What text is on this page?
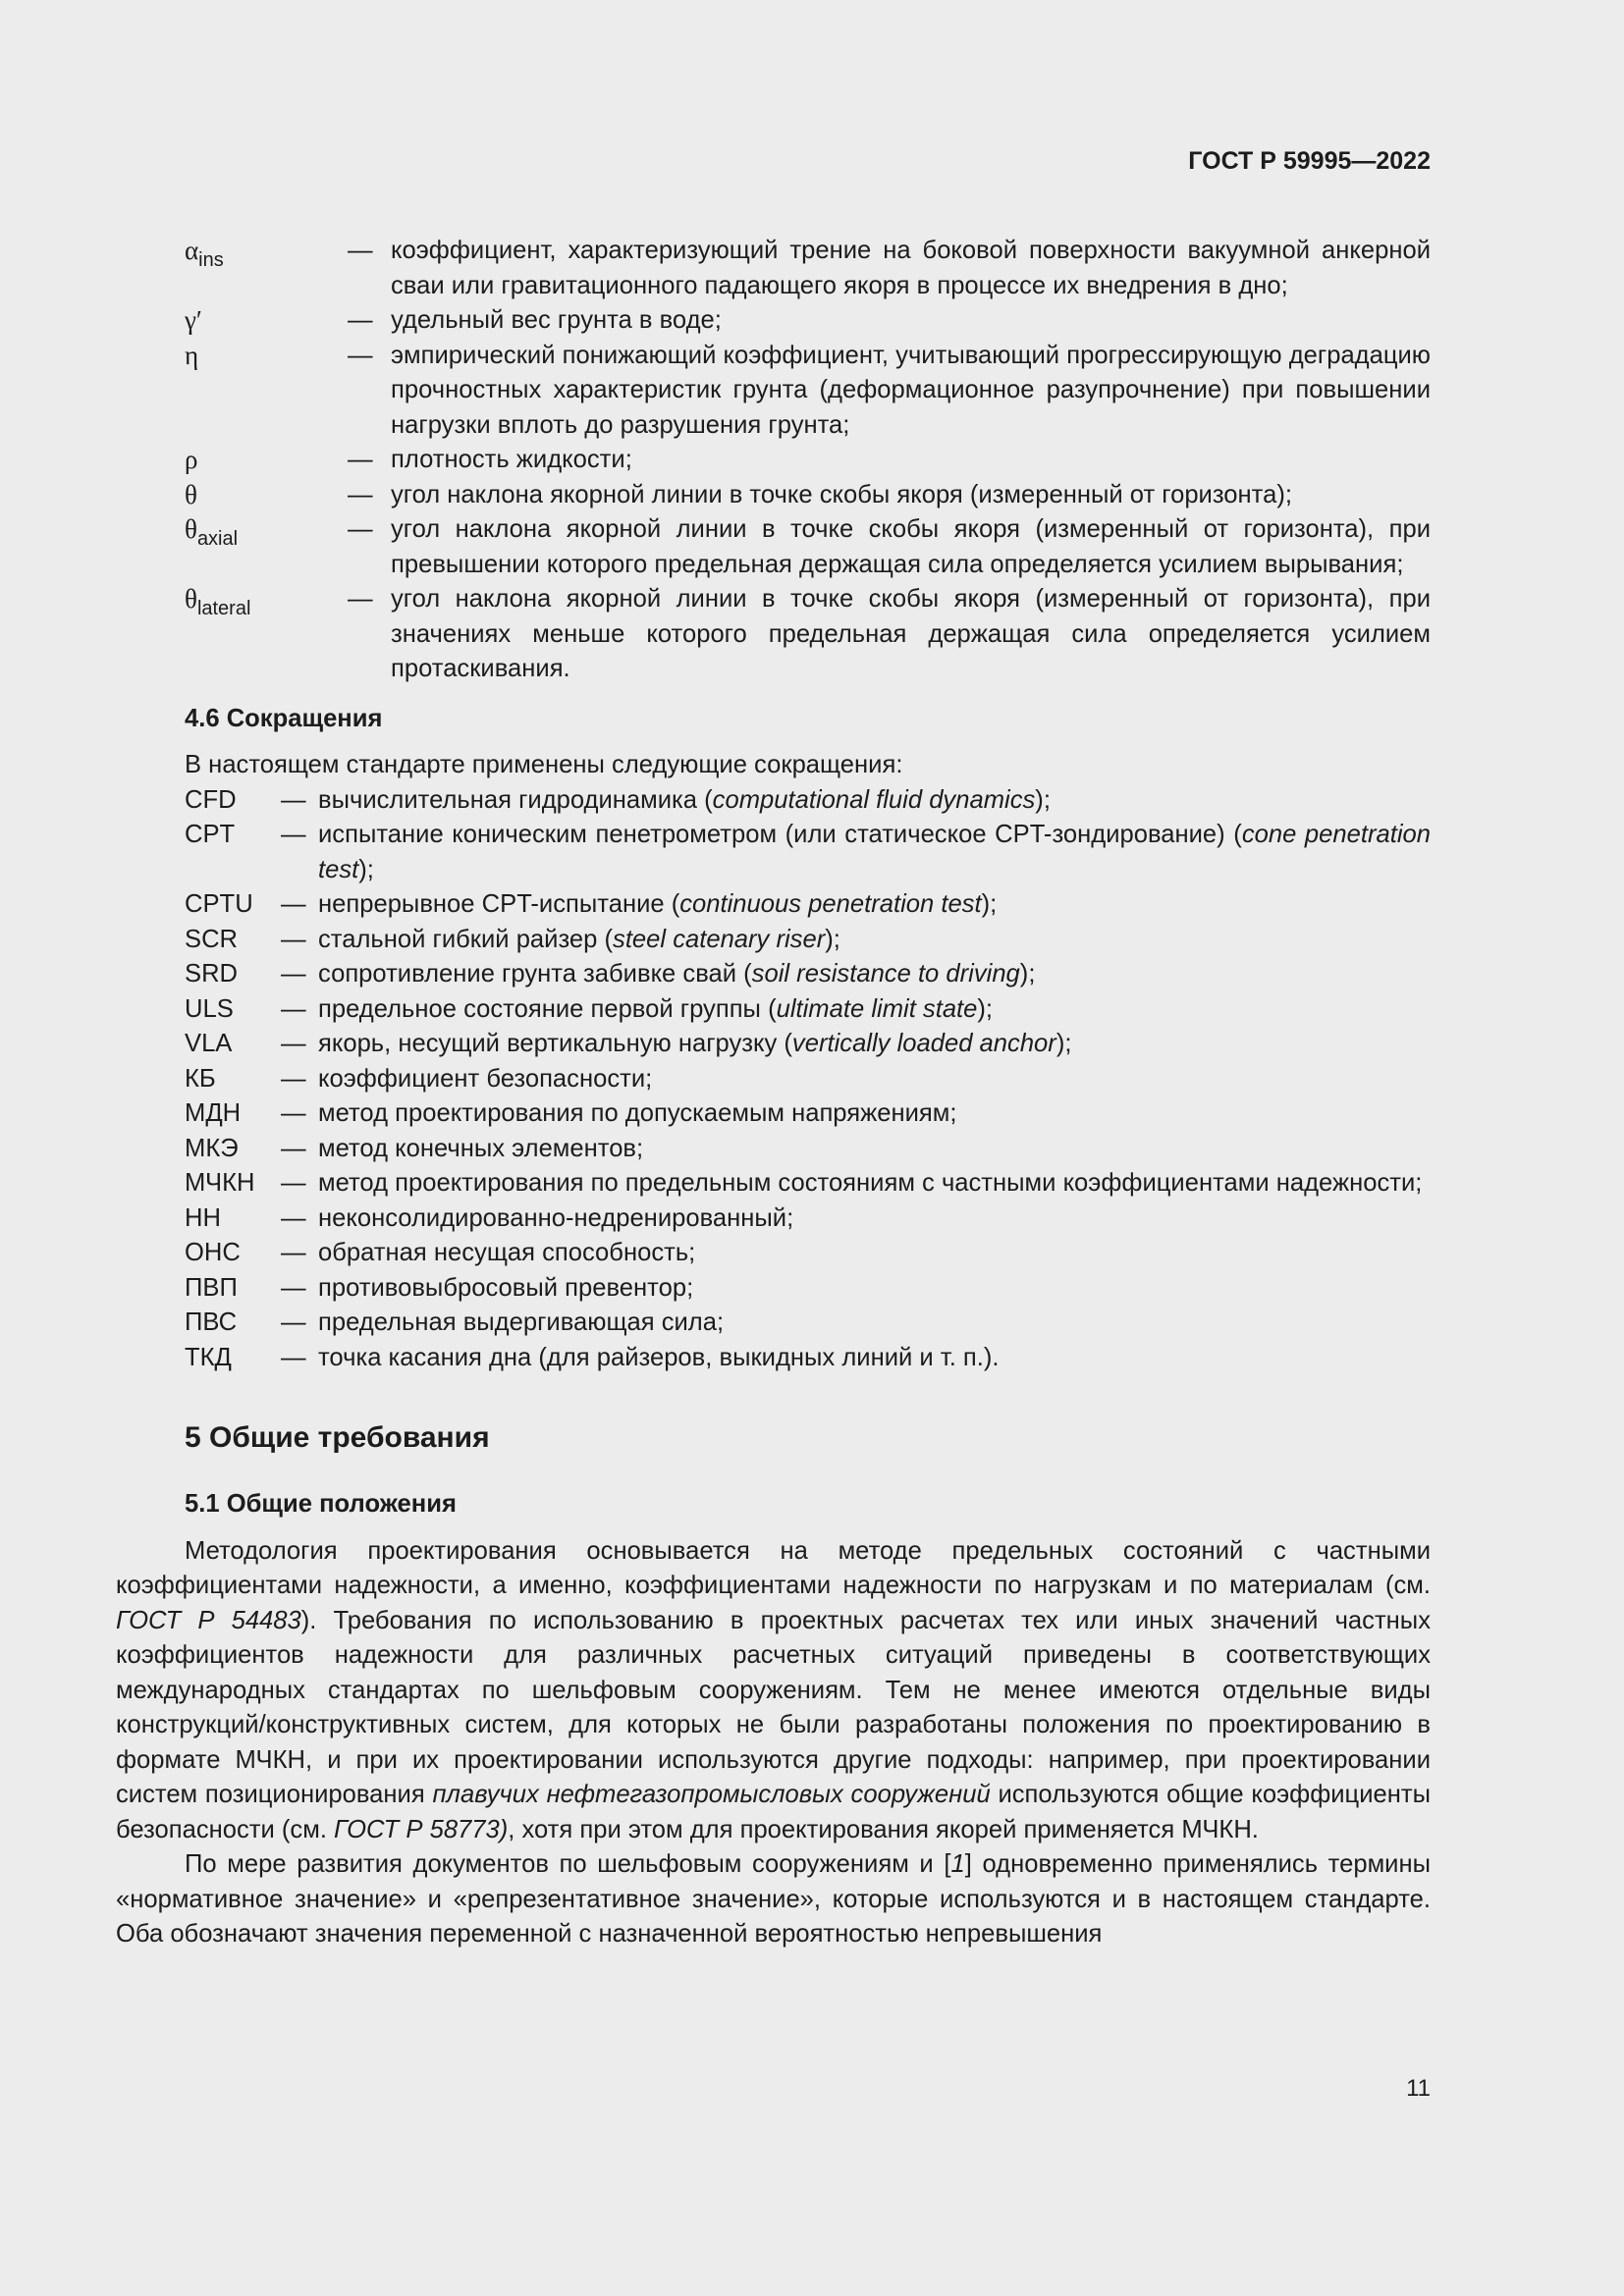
ГОСТ Р 59995—2022
$\alpha_{ins}$	— коэффициент, характеризующий трение на боковой поверхности вакуумной анкерной сваи или гравитационного падающего якоря в процессе их внедрения в дно;
γ′	— удельный вес грунта в воде;
η	— эмпирический понижающий коэффициент, учитывающий прогрессирующую деградацию прочностных характеристик грунта (деформационное разупрочнение) при повышении нагрузки вплоть до разрушения грунта;
ρ	— плотность жидкости;
θ	— угол наклона якорной линии в точке скобы якоря (измеренный от горизонта);
$\theta_{axial}$	— угол наклона якорной линии в точке скобы якоря (измеренный от горизонта), при превышении которого предельная держащая сила определяется усилием вырывания;
$\theta_{lateral}$	— угол наклона якорной линии в точке скобы якоря (измеренный от горизонта), при значениях меньше которого предельная держащая сила определяется усилием протаскивания.
4.6 Сокращения
В настоящем стандарте применены следующие сокращения:
CFD	— вычислительная гидродинамика (computational fluid dynamics);
CPT	— испытание коническим пенетрометром (или статическое CPT-зондирование) (cone penetration test);
CPTU	— непрерывное CPT-испытание (continuous penetration test);
SCR	— стальной гибкий райзер (steel catenary riser);
SRD	— сопротивление грунта забивке свай (soil resistance to driving);
ULS	— предельное состояние первой группы (ultimate limit state);
VLA	— якорь, несущий вертикальную нагрузку (vertically loaded anchor);
КБ	— коэффициент безопасности;
МДН	— метод проектирования по допускаемым напряжениям;
МКЭ	— метод конечных элементов;
МЧКН	— метод проектирования по предельным состояниям с частными коэффициентами надежности;
НН	— неконсолидированно-недренированный;
ОНС	— обратная несущая способность;
ПВП	— противовыбросовый превентор;
ПВС	— предельная выдергивающая сила;
ТКД	— точка касания дна (для райзеров, выкидных линий и т. п.).
5 Общие требования
5.1 Общие положения
Методология проектирования основывается на методе предельных состояний с частными коэффициентами надежности, а именно, коэффициентами надежности по нагрузкам и по материалам (см. ГОСТ Р 54483). Требования по использованию в проектных расчетах тех или иных значений частных коэффициентов надежности для различных расчетных ситуаций приведены в соответствующих международных стандартах по шельфовым сооружениям. Тем не менее имеются отдельные виды конструкций/конструктивных систем, для которых не были разработаны положения по проектированию в формате МЧКН, и при их проектировании используются другие подходы: например, при проектировании систем позиционирования плавучих нефтегазопромысловых сооружений используются общие коэффициенты безопасности (см. ГОСТ Р 58773), хотя при этом для проектирования якорей применяется МЧКН.
По мере развития документов по шельфовым сооружениям и [1] одновременно применялись термины «нормативное значение» и «репрезентативное значение», которые используются и в настоящем стандарте. Оба обозначают значения переменной с назначенной вероятностью непревышения
11
